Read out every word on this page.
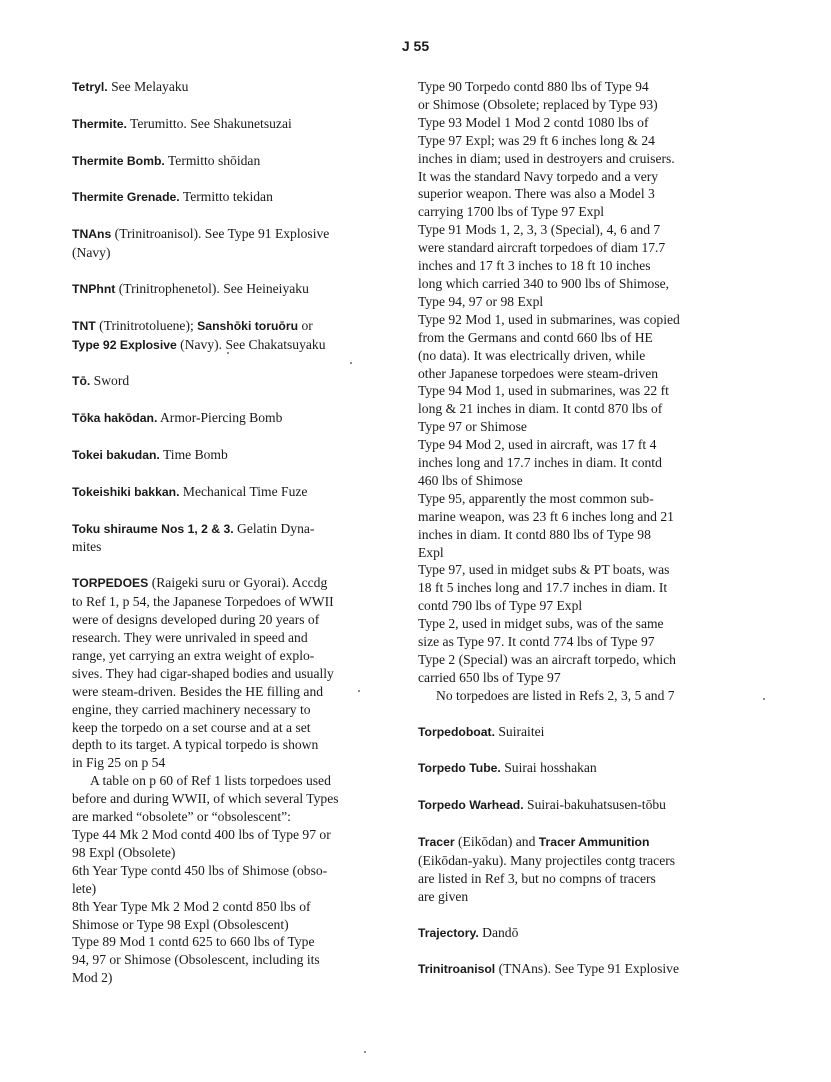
J 55
Tetryl. See Melayaku
Thermite. Terumitto. See Shakunetsuzai
Thermite Bomb. Termitto shōidan
Thermite Grenade. Termitto tekidan
TNAns (Trinitroanisol). See Type 91 Explosive
(Navy)
TNPhnt (Trinitrophenetol). See Heineiyaku
TNT (Trinitrotoluene); Sanshōki toruōru or
Type 92 Explosive (Navy). See Chakatsuyaku
Tō. Sword
Tōka hakōdan. Armor-Piercing Bomb
Tokei bakudan. Time Bomb
Tokeishiki bakkan. Mechanical Time Fuze
Toku shiraume Nos 1, 2 & 3. Gelatin Dyna-
mites
TORPEDOES (Raigeki suru or Gyorai). Accdg
to Ref 1, p 54, the Japanese Torpedoes of WWII
were of designs developed during 20 years of
research. They were unrivaled in speed and
range, yet carrying an extra weight of explo-
sives. They had cigar-shaped bodies and usually
were steam-driven. Besides the HE filling and
engine, they carried machinery necessary to
keep the torpedo on a set course and at a set
depth to its target. A typical torpedo is shown
in Fig 25 on p 54
A table on p 60 of Ref 1 lists torpedoes used
before and during WWII, of which several Types
are marked “obsolete” or “obsolescent”:
Type 44 Mk 2 Mod contd 400 lbs of Type 97 or
98 Expl (Obsolete)
6th Year Type contd 450 lbs of Shimose (obso-
lete)
8th Year Type Mk 2 Mod 2 contd 850 lbs of
Shimose or Type 98 Expl (Obsolescent)
Type 89 Mod 1 contd 625 to 660 lbs of Type
94, 97 or Shimose (Obsolescent, including its
Mod 2)
Type 90 Torpedo contd 880 lbs of Type 94
or Shimose (Obsolete; replaced by Type 93)
Type 93 Model 1 Mod 2 contd 1080 lbs of
Type 97 Expl; was 29 ft 6 inches long & 24
inches in diam; used in destroyers and cruisers.
It was the standard Navy torpedo and a very
superior weapon. There was also a Model 3
carrying 1700 lbs of Type 97 Expl
Type 91 Mods 1, 2, 3, 3 (Special), 4, 6 and 7
were standard aircraft torpedoes of diam 17.7
inches and 17 ft 3 inches to 18 ft 10 inches
long which carried 340 to 900 lbs of Shimose,
Type 94, 97 or 98 Expl
Type 92 Mod 1, used in submarines, was copied
from the Germans and contd 660 lbs of HE
(no data). It was electrically driven, while
other Japanese torpedoes were steam-driven
Type 94 Mod 1, used in submarines, was 22 ft
long & 21 inches in diam. It contd 870 lbs of
Type 97 or Shimose
Type 94 Mod 2, used in aircraft, was 17 ft 4
inches long and 17.7 inches in diam. It contd
460 lbs of Shimose
Type 95, apparently the most common sub-
marine weapon, was 23 ft 6 inches long and 21
inches in diam. It contd 880 lbs of Type 98
Expl
Type 97, used in midget subs & PT boats, was
18 ft 5 inches long and 17.7 inches in diam. It
contd 790 lbs of Type 97 Expl
Type 2, used in midget subs, was of the same
size as Type 97. It contd 774 lbs of Type 97
Type 2 (Special) was an aircraft torpedo, which
carried 650 lbs of Type 97
No torpedoes are listed in Refs 2, 3, 5 and 7
Torpedoboat. Suiraitei
Torpedo Tube. Suirai hosshakan
Torpedo Warhead. Suirai-bakuhatsusen-tōbu
Tracer (Eikōdan) and Tracer Ammunition
(Eikōdan-yaku). Many projectiles contg tracers
are listed in Ref 3, but no compns of tracers
are given
Trajectory. Dandō
Trinitroanisol (TNAns). See Type 91 Explosive
